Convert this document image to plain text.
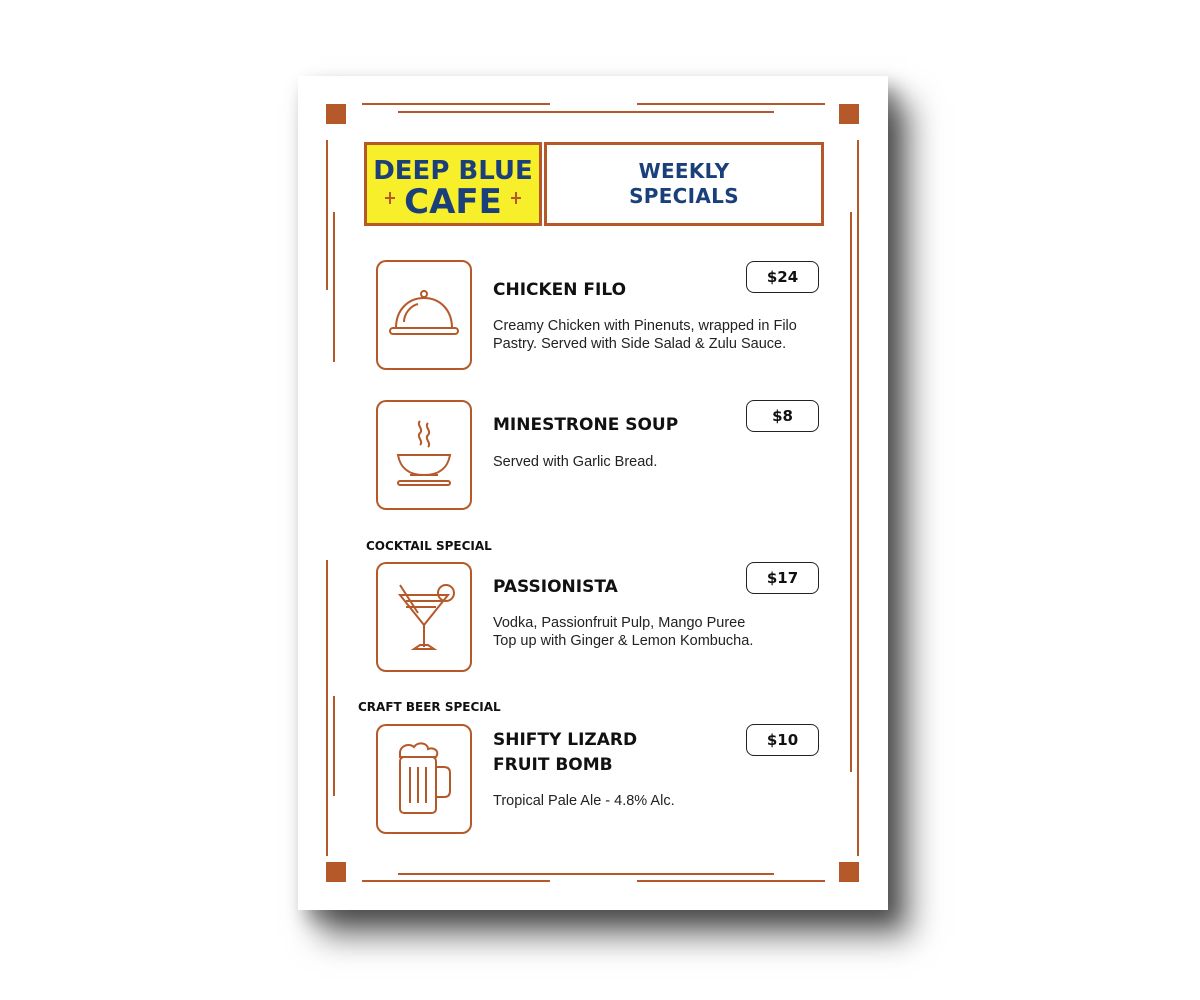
DEEP BLUE
CAFE
WEEKLY
SPECIALS
CHICKEN FILO
Creamy Chicken with Pinenuts, wrapped in Filo
Pastry. Served with Side Salad & Zulu Sauce.
$24
MINESTRONE SOUP
Served with Garlic Bread.
$8
COCKTAIL SPECIAL
PASSIONISTA
Vodka, Passionfruit Pulp, Mango Puree
Top up with Ginger & Lemon Kombucha.
$17
CRAFT BEER SPECIAL
SHIFTY LIZARD
FRUIT BOMB
Tropical Pale Ale - 4.8% Alc.
$10
